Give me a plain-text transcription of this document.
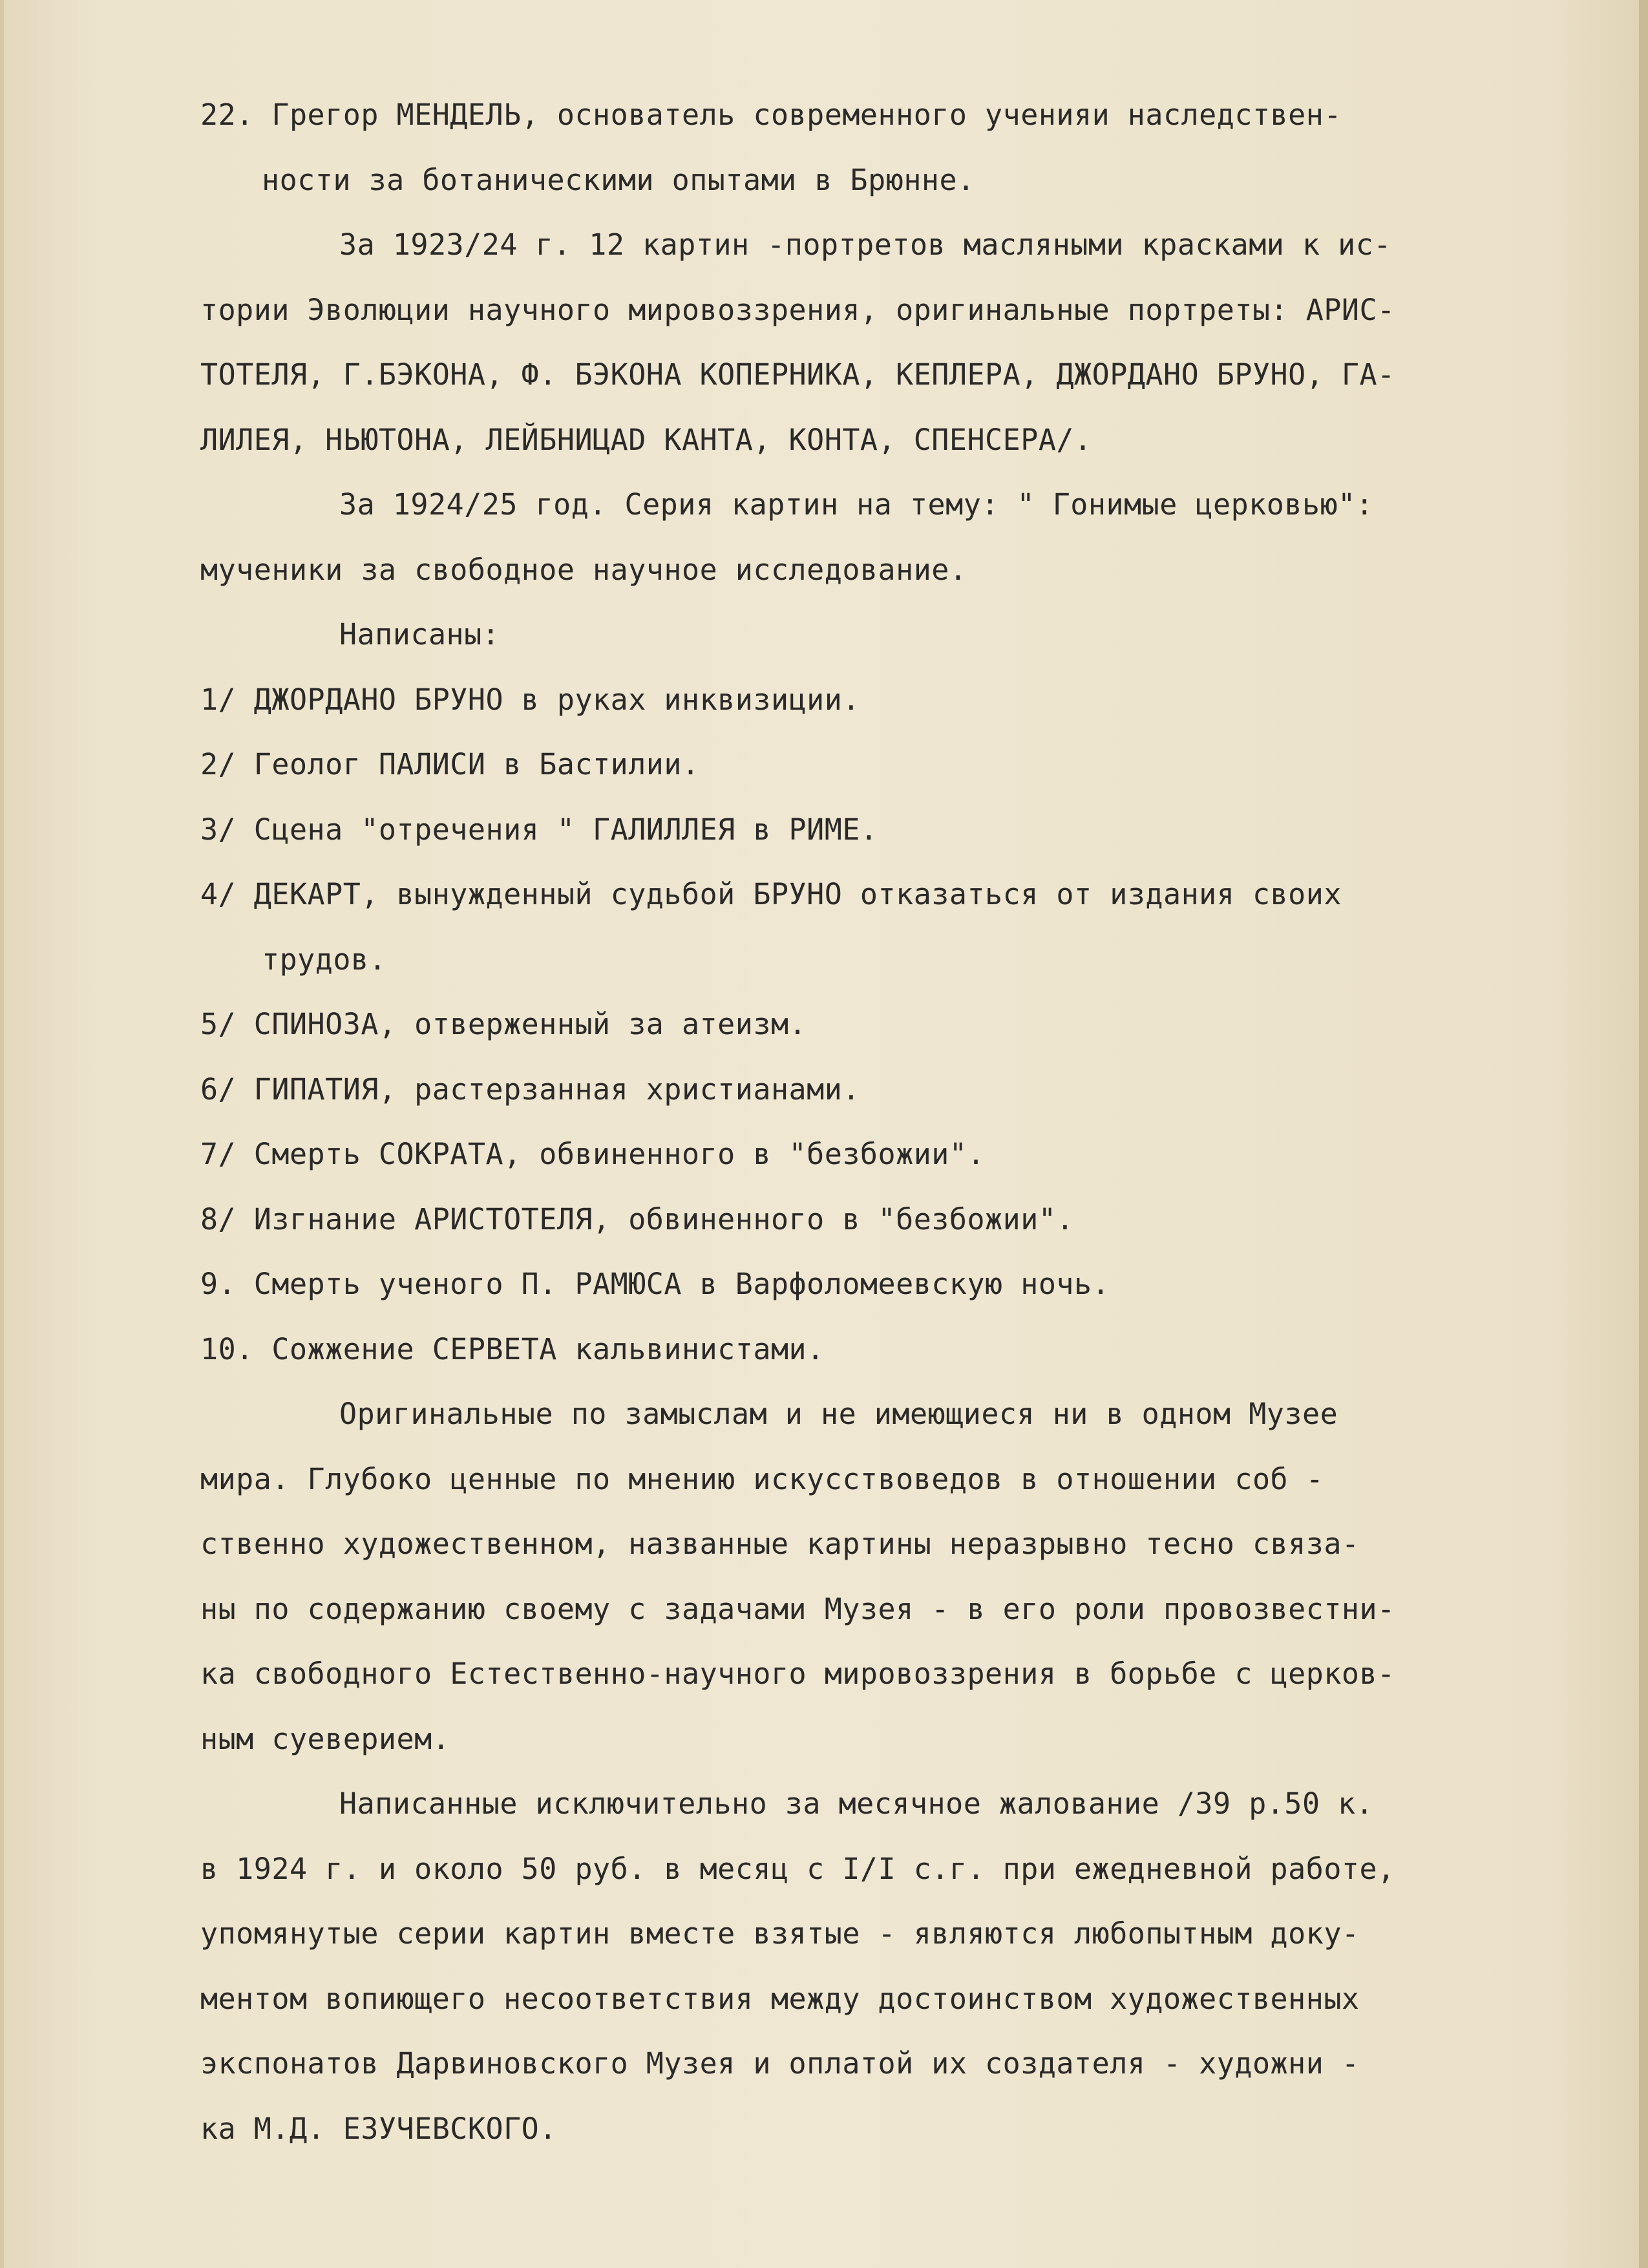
22. Грегор МЕНДЕЛЬ, основатель современного ученияи наследствен-
ности за ботаническими опытами в Брюнне.
За 1923/24 г. 12 картин -портретов масляными красками к ис-
тории Эволюции научного мировоззрения, оригинальные портреты: АРИС-
ТОТЕЛЯ, Г.БЭКОНА, Ф. БЭКОНА КОПЕРНИКА, КЕПЛЕРА, ДЖОРДАНО БРУНО, ГА-
ЛИЛЕЯ, НЬЮТОНА, ЛЕЙБНИЦАD КАНТА, КОНТА, СПЕНСЕРА/.
За 1924/25 год. Серия картин на тему: " Гонимые церковью":
мученики за свободное научное исследование.
Написаны:
1/ ДЖОРДАНО БРУНО в руках инквизиции.
2/ Геолог ПАЛИСИ в Бастилии.
3/ Сцена "отречения " ГАЛИЛЛЕЯ в РИМЕ.
4/ ДЕКАРТ, вынужденный судьбой БРУНО отказаться от издания своих
трудов.
5/ СПИНОЗА, отверженный за атеизм.
6/ ГИПАТИЯ, растерзанная христианами.
7/ Смерть СОКРАТА, обвиненного в "безбожии".
8/ Изгнание АРИСТОТЕЛЯ, обвиненного в "безбожии".
9. Смерть ученого П. РАМЮСА в Варфоломеевскую ночь.
10. Сожжение СЕРВЕТА кальвинистами.
Оригинальные по замыслам и не имеющиеся ни в одном Музее
мира. Глубоко ценные по мнению искусствоведов в отношении соб -
ственно художественном, названные картины неразрывно тесно связа-
ны по содержанию своему с задачами Музея - в его роли провозвестни-
ка свободного Естественно-научного мировоззрения в борьбе с церков-
ным суеверием.
Написанные исключительно за месячное жалование /39 р.50 к.
в 1924 г. и около 50 руб. в месяц с I/I с.г. при ежедневной работе,
упомянутые серии картин вместе взятые - являются любопытным доку-
ментом вопиющего несоответствия между достоинством художественных
экспонатов Дарвиновского Музея и оплатой их создателя - художни -
ка М.Д. ЕЗУЧЕВСКОГО.
